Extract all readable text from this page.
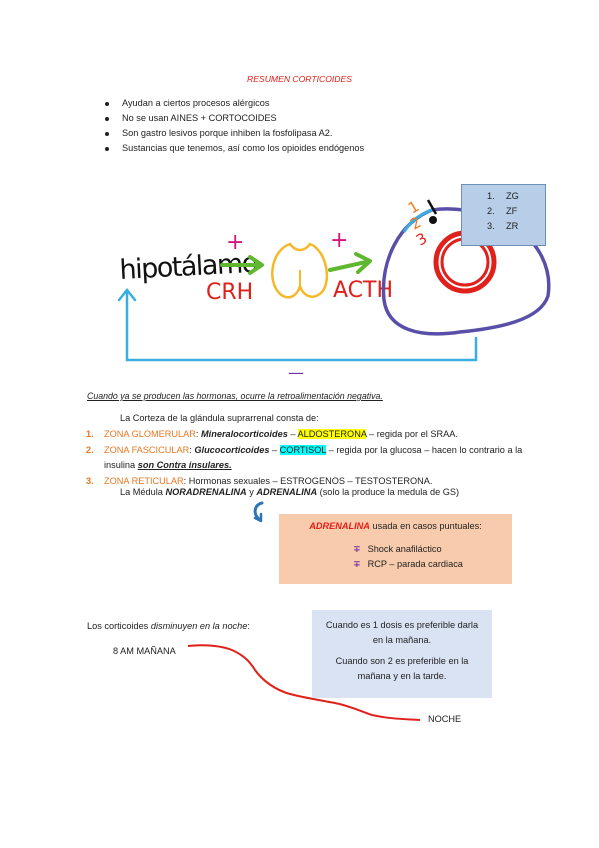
RESUMEN CORTICOIDES
Ayudan a ciertos procesos alérgicos
No se usan AINES + CORTOCOIDES
Son gastro lesivos porque inhiben la fosfolipasa A2.
Sustancias que tenemos, así como los opioides endógenos
hipotálamo
+
CRH
+
ACTH
1
2
3
—
1. ZG
2. ZF
3. ZR
Cuando ya se producen las hormonas, ocurre la retroalimentación negativa.
La Corteza de la glándula suprarrenal consta de:
1. ZONA GLOMERULAR: Mineralocorticoides – ALDOSTERONA – regida por el SRAA.
2. ZONA FASCICULAR: Glucocorticoides – CORTISOL – regida por la glucosa – hacen lo contrario a la insulina son Contra insulares.
3. ZONA RETICULAR: Hormonas sexuales – ESTROGENOS – TESTOSTERONA.
La Médula NORADRENALINA y ADRENALINA (solo la produce la medula de GS)
ADRENALINA usada en casos puntuales:
∓ Shock anafiláctico
∓ RCP – parada cardiaca
Los corticoides disminuyen en la noche:
8 AM MAÑANA
NOCHE

Cuando es 1 dosis es preferible darla en la mañana.

Cuando son 2 es preferible en la mañana y en la tarde.
